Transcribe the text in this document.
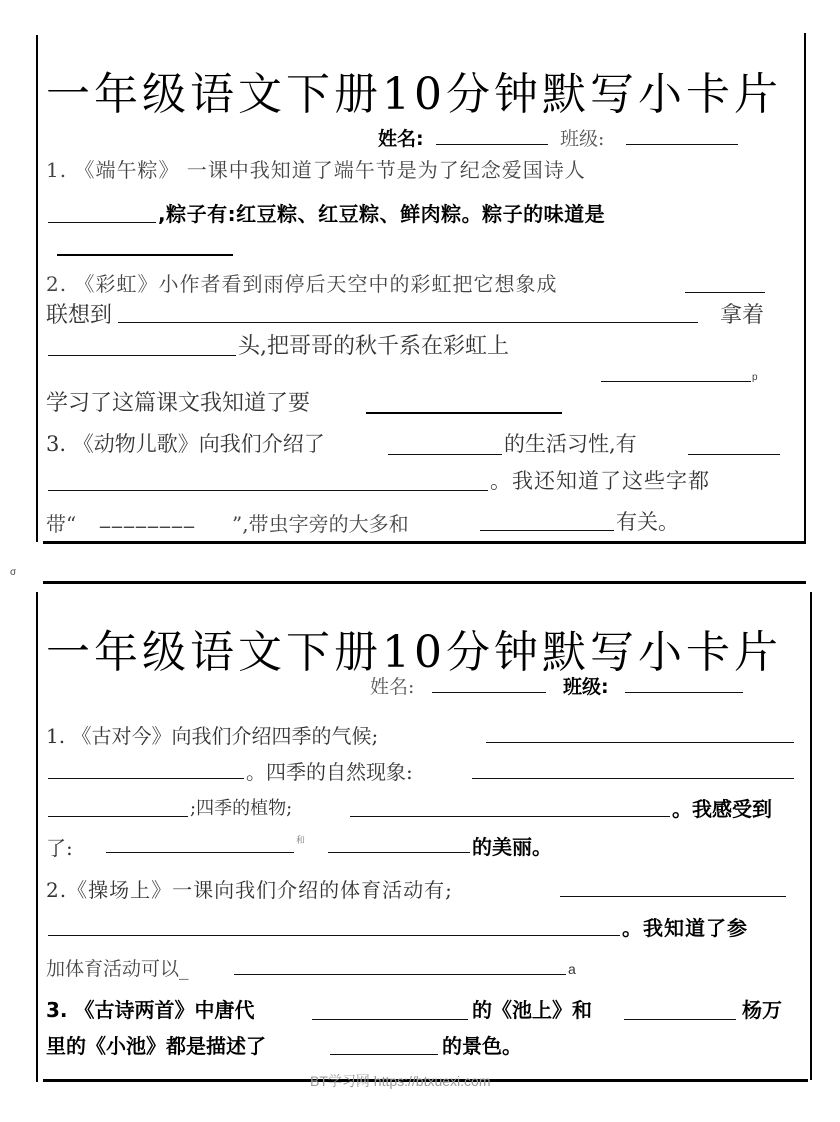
一年级语文下册10分钟默写小卡片
姓名:	班级:
1. 《端午粽》 一课中我知道了端午节是为了纪念爱国诗人
,粽子有:红豆粽、红豆粽、鲜肉粽。粽子的味道是
2. 《彩虹》小作者看到雨停后天空中的彩虹把它想象成
联想到	拿着
头,把哥哥的秋千系在彩虹上
p
学习了这篇课文我知道了要
3. 《动物儿歌》向我们介绍了	的生活习性,有
。我还知道了这些字都
带“ ________ ”,带虫字旁的大多和	有关。
σ
一年级语文下册10分钟默写小卡片
姓名:	班级:
1. 《古对今》向我们介绍四季的气候;
。四季的自然现象:
;四季的植物;	。我感受到
了:	和	的美丽。
2.《操场上》一课向我们介绍的体育活动有;
。我知道了参
加体育活动可以_	a
3. 《古诗两首》中唐代	的《池上》和	杨万
里的《小池》都是描述了	的景色。
BT学习网 https://btxuexi.com
